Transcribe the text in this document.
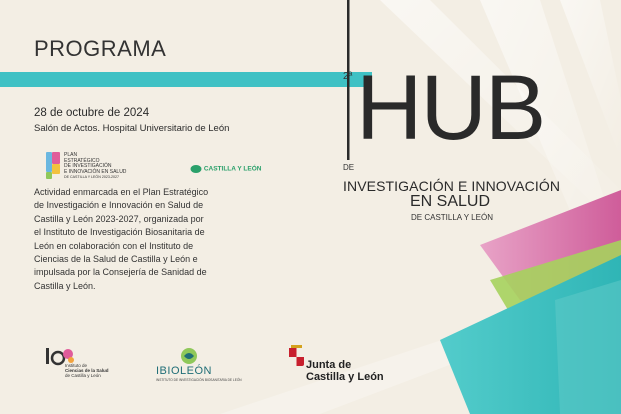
PROGRAMA
28 de octubre de 2024
Salón de Actos. Hospital Universitario de León
PLAN
ESTRATÉGICO
DE INVESTIGACIÓN
E INNOVACIÓN EN SALUD
DE CASTILLA Y LEÓN 2023-2027
CASTILLA Y LEÓN
Actividad enmarcada en el Plan Estratégico de Investigación e Innovación en Salud de Castilla y León 2023-2027, organizada por el Instituto de Investigación Biosanitaria de León en colaboración con el Instituto de Ciencias de la Salud de Castilla y León e impulsada por la Consejería de Sanidad de Castilla y León.
2ª HUB
DE
INVESTIGACIÓN E INNOVACIÓN
EN SALUD
DE CASTILLA Y LEÓN
Instituto de
Ciencias de la Salud
de Castilla y León	IBIOLEÓN
INSTITUTO DE INVESTIGACIÓN BIOSANITARIA DE LEÓN
Junta de
Castilla y León
